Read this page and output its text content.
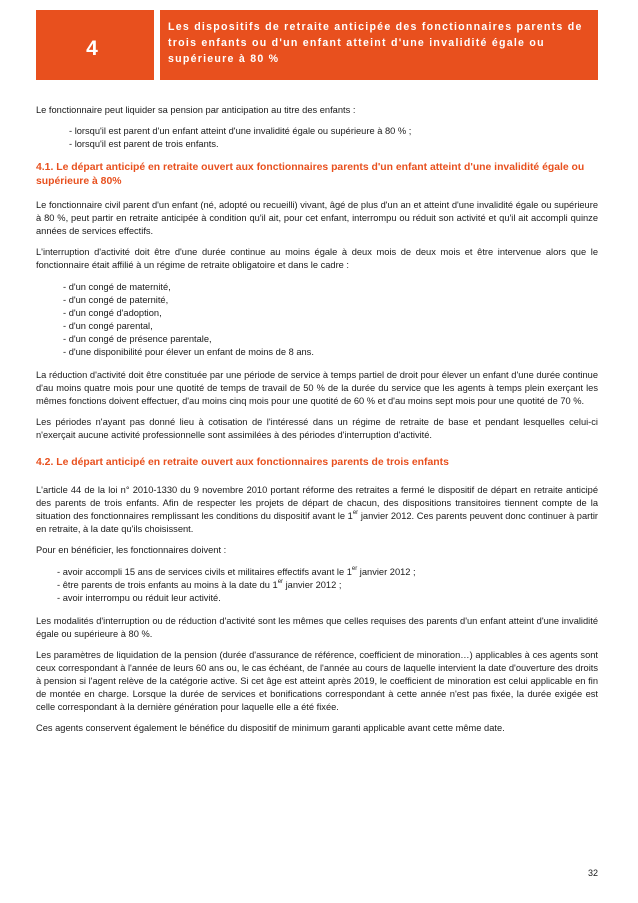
4
Les dispositifs de retraite anticipée des fonctionnaires parents de trois enfants ou d'un enfant atteint d'une invalidité égale ou supérieure à 80 %

Le fonctionnaire peut liquider sa pension par anticipation au titre des enfants :

- lorsqu'il est parent d'un enfant atteint d'une invalidité égale ou supérieure à 80 % ;
- lorsqu'il est parent de trois enfants.
4.1. Le départ anticipé en retraite ouvert aux fonctionnaires parents d'un enfant atteint d'une invalidité égale ou supérieure à 80%

Le fonctionnaire civil parent d'un enfant (né, adopté ou recueilli) vivant, âgé de plus d'un an et atteint d'une invalidité égale ou supérieure à 80 %, peut partir en retraite anticipée à condition qu'il ait, pour cet enfant, interrompu ou réduit son activité et qu'il ait accompli quinze années de services effectifs.

L'interruption d'activité doit être d'une durée continue au moins égale à deux mois de deux mois et être intervenue alors que le fonctionnaire était affilié à un régime de retraite obligatoire et dans le cadre :

- d'un congé de maternité,
- d'un congé de paternité,
- d'un congé d'adoption,
- d'un congé parental,
- d'un congé de présence parentale,
- d'une disponibilité pour élever un enfant de moins de 8 ans.

La réduction d'activité doit être constituée par une période de service à temps partiel de droit pour élever un enfant d'une durée continue d'au moins quatre mois pour une quotité de temps de travail de 50 % de la durée du service que les agents à temps plein exerçant les mêmes fonctions doivent effectuer, d'au moins cinq mois pour une quotité de 60 % et d'au moins sept mois pour une quotité de 70 %.

Les périodes n'ayant pas donné lieu à cotisation de l'intéressé dans un régime de retraite de base et pendant lesquelles celui-ci n'exerçait aucune activité professionnelle sont assimilées à des périodes d'interruption d'activité.

4.2. Le départ anticipé en retraite ouvert aux fonctionnaires parents de trois enfants

L'article 44 de la loi n° 2010-1330 du 9 novembre 2010 portant réforme des retraites a fermé le dispositif de départ en retraite anticipé des parents de trois enfants. Afin de respecter les projets de départ de chacun, des dispositions transitoires tiennent compte de la situation des fonctionnaires remplissant les conditions du dispositif avant le 1er janvier 2012. Ces parents peuvent donc continuer à partir en retraite, à la date qu'ils choisissent.

Pour en bénéficier, les fonctionnaires doivent :

- avoir accompli 15 ans de services civils et militaires effectifs avant le 1er janvier 2012 ;
- être parents de trois enfants au moins à la date du 1er janvier 2012 ;
- avoir interrompu ou réduit leur activité.

Les modalités d'interruption ou de réduction d'activité sont les mêmes que celles requises des parents d'un enfant atteint d'une invalidité égale ou supérieure à 80 %.

Les paramètres de liquidation de la pension (durée d'assurance de référence, coefficient de minoration…) applicables à ces agents sont ceux correspondant à l'année de leurs 60 ans ou, le cas échéant, de l'année au cours de laquelle intervient la date d'ouverture des droits à pension si l'agent relève de la catégorie active. Si cet âge est atteint après 2019, le coefficient de minoration est celui applicable en fin de montée en charge. Lorsque la durée de services et bonifications correspondant à cette année n'est pas fixée, la durée exigée est celle correspondant à la dernière génération pour laquelle elle a été fixée.

Ces agents conservent également le bénéfice du dispositif de minimum garanti applicable avant cette même date.

32
